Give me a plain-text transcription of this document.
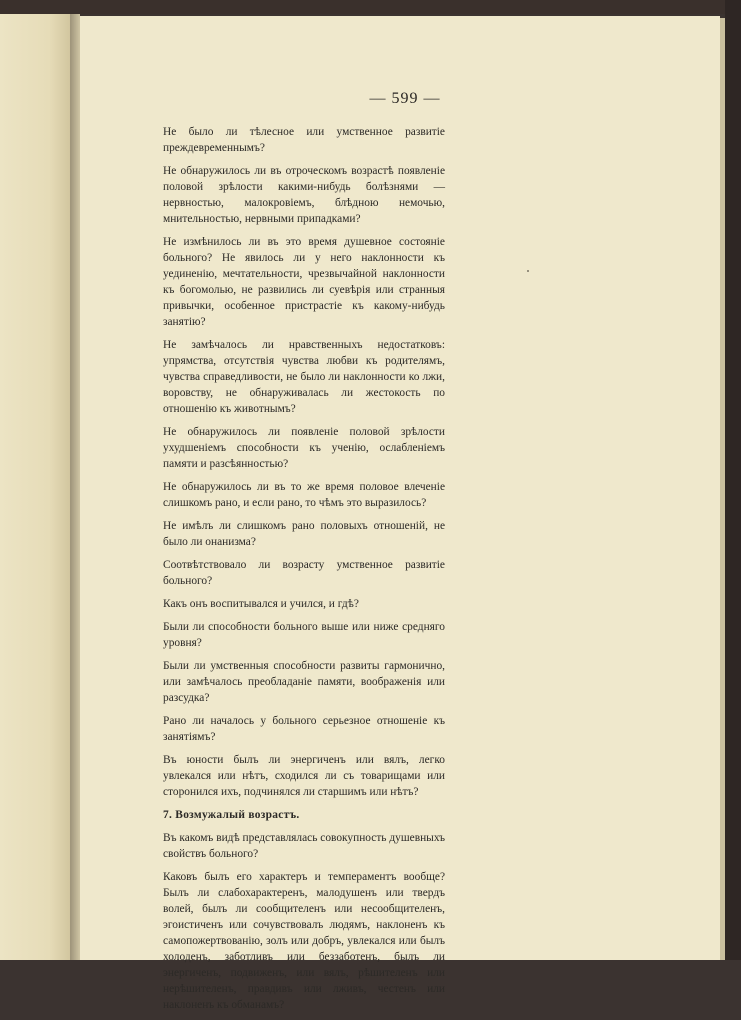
— 599 —

Не было ли тѣлесное или умственное развитіе преждевременнымъ?

Не обнаружилось ли въ отроческомъ возрастѣ появленіе половой зрѣлости какими-нибудь болѣзнями — нервностью, малокровіемъ, блѣдною немочью, мнительностью, нервными припадками?

Не измѣнилось ли въ это время душевное состояніе больного? Не явилось ли у него наклонности къ уединенію, мечтательности, чрезвычайной наклонности къ богомолью, не развились ли суевѣрія или странныя привычки, особенное пристрастіе къ какому-нибудь занятію?

Не замѣчалось ли нравственныхъ недостатковъ: упрямства, отсутствія чувства любви къ родителямъ, чувства справедливости, не было ли наклонности ко лжи, воровству, не обнаруживалась ли жестокость по отношенію къ животнымъ?

Не обнаружилось ли появленіе половой зрѣлости ухудшеніемъ способности къ ученію, ослабленіемъ памяти и разсѣянностью?

Не обнаружилось ли въ то же время половое влеченіе слишкомъ рано, и если рано, то чѣмъ это выразилось?

Не имѣлъ ли слишкомъ рано половыхъ отношеній, не было ли онанизма?

Соотвѣтствовало ли возрасту умственное развитіе больного?

Какъ онъ воспитывался и учился, и гдѣ?

Были ли способности больного выше или ниже средняго уровня?

Были ли умственныя способности развиты гармонично, или замѣчалось преобладаніе памяти, воображенія или разсудка?

Рано ли началось у больного серьезное отношеніе къ занятіямъ?

Въ юности былъ ли энергиченъ или вялъ, легко увлекался или нѣтъ, сходился ли съ товарищами или сторонился ихъ, подчинялся ли старшимъ или нѣтъ?

7. Возмужалый возрастъ.

Въ какомъ видѣ представлялась совокупность душевныхъ свойствъ больного?

Каковъ былъ его характеръ и темпераментъ вообще? Былъ ли слабохарактеренъ, малодушенъ или твердъ волей, былъ ли сообщителенъ или несообщителенъ, эгоистиченъ или сочувствовалъ людямъ, наклоненъ къ самопожертвованію, золъ или добръ, увлекался или былъ холоденъ, заботливъ или беззаботенъ, былъ ли энергиченъ, подвиженъ, или вялъ, рѣшителенъ или нерѣшителенъ, правдивъ или лживъ, честенъ или наклоненъ къ обманамъ?
